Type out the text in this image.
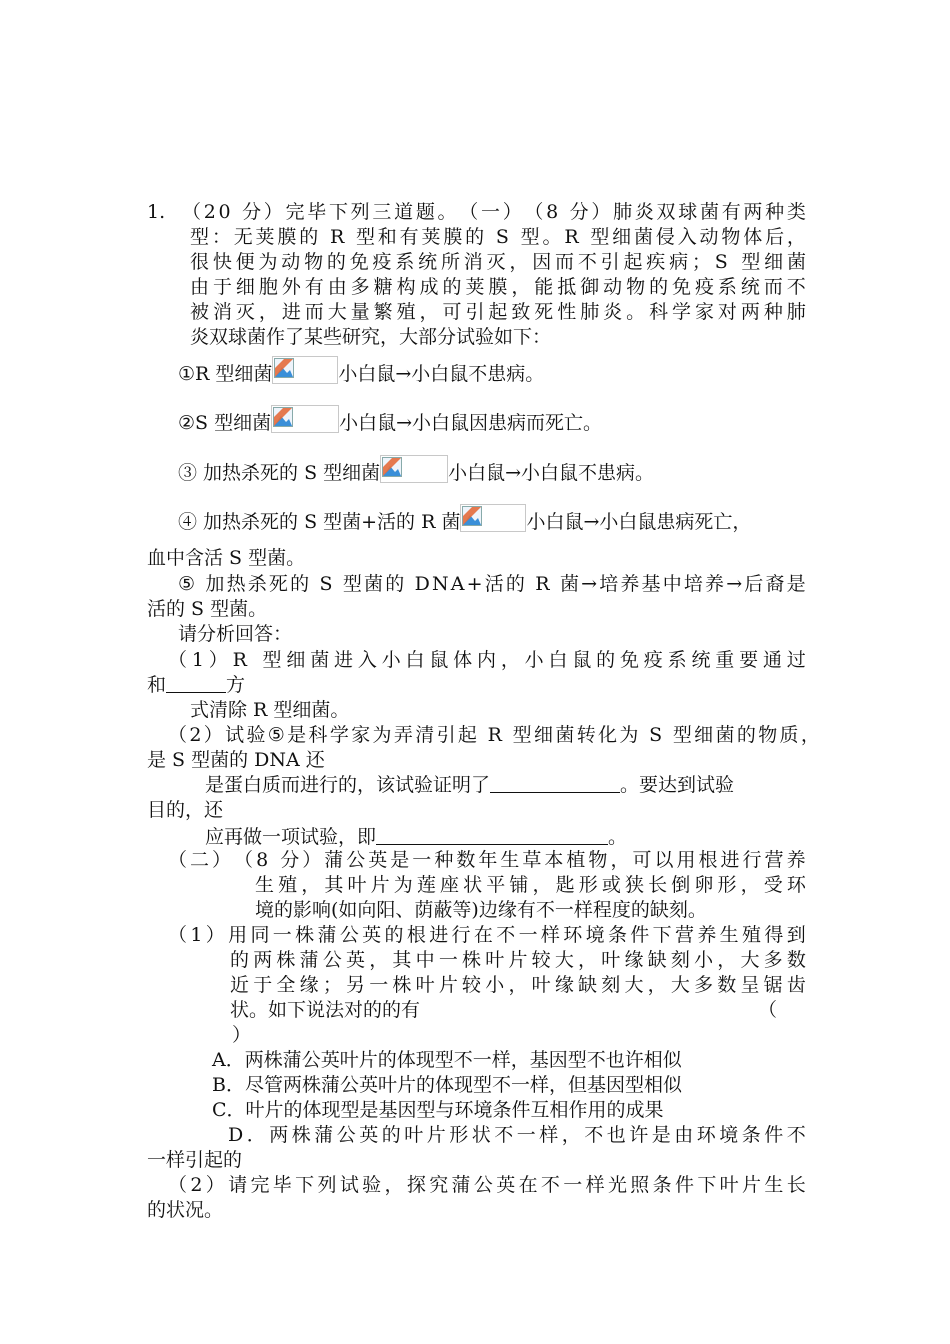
1. （ 2 0
分 ） 完 毕 下 列 三 道 题 。 （ 一 ） （ 8
分 ） 肺 炎 双 球 菌 有 两 种 类
型 ： 无 荚 膜 的
R
型 和 有 荚 膜 的
S
型 。 R
型 细 菌 侵 入 动 物 体 后 ，
很 快 便 为 动 物 的 免 疫 系 统 所 消 灭 ， 因 而 不 引 起 疾 病 ； S
型 细 菌
由 于 细 胞 外 有 由 多 糖 构 成 的 荚 膜 ， 能 抵 御 动 物 的 免 疫 系 统 而 不
被 消 灭 ， 进 而 大 量 繁 殖 ， 可 引 起 致 死 性 肺 炎 。 科 学 家 对 两 种 肺
炎双球菌作了某些研究，大部分试验如下：
①R 型细菌	小白鼠→小白鼠不患病。
②S 型细菌	小白鼠→小白鼠因患病而死亡。
③ 加热杀死的 S 型细菌	小白鼠→小白鼠不患病。
④ 加热杀死的 S 型菌+活的 R 菌	小白鼠→小白鼠患病死亡，
血中含活 S 型菌。
⑤
加 热 杀 死 的
S
型 菌 的
D N A + 活 的
R
菌 → 培 养 基 中 培 养 → 后 裔 是
活的 S 型菌。
请分析回答：
（ 1 ） R
型 细 菌 进 入 小 白 鼠 体 内 ， 小 白 鼠 的 免 疫 系 统 重 要 通 过
和	方
式清除 R 型细菌。
（ 2 ） 试 验 ⑤ 是 科 学 家 为 弄 清 引 起
R
型 细 菌 转 化 为
S
型 细 菌 的 物 质 ，
是 S 型菌的 DNA 还
是蛋白质而进行的，该试验证明了	。要达到试验
目的，还
应再做一项试验，即	。
（ 二 ） （ 8
分 ） 蒲 公 英 是 一 种 数 年 生 草 本 植 物 ， 可 以 用 根 进 行 营 养
生 殖 ， 其 叶 片 为 莲 座 状 平 铺 ， 匙 形 或 狭 长 倒 卵 形 ， 受 环
境的影响(如向阳、荫蔽等)边缘有不一样程度的缺刻。
（ 1 ） 用 同 一 株 蒲 公 英 的 根 进 行 在 不 一 样 环 境 条 件 下 营 养 生 殖 得 到
的 两 株 蒲 公 英 ， 其 中 一 株 叶 片 较 大 ， 叶 缘 缺 刻 小 ， 大 多 数
近 于 全 缘 ； 另 一 株 叶 片 较 小 ， 叶 缘 缺 刻 大 ， 大 多 数 呈 锯 齿
状。如下说法对的的有	（
）
A．两株蒲公英叶片的体现型不一样，基因型不也许相似
B．尽管两株蒲公英叶片的体现型不一样，但基因型相似
C．叶片的体现型是基因型与环境条件互相作用的成果
D ． 两 株 蒲 公 英 的 叶 片 形 状 不 一 样 ， 不 也 许 是 由 环 境 条 件 不
一样引起的
（ 2 ） 请 完 毕 下 列 试 验 ， 探 究 蒲 公 英 在 不 一 样 光 照 条 件 下 叶 片 生 长
的状况。
